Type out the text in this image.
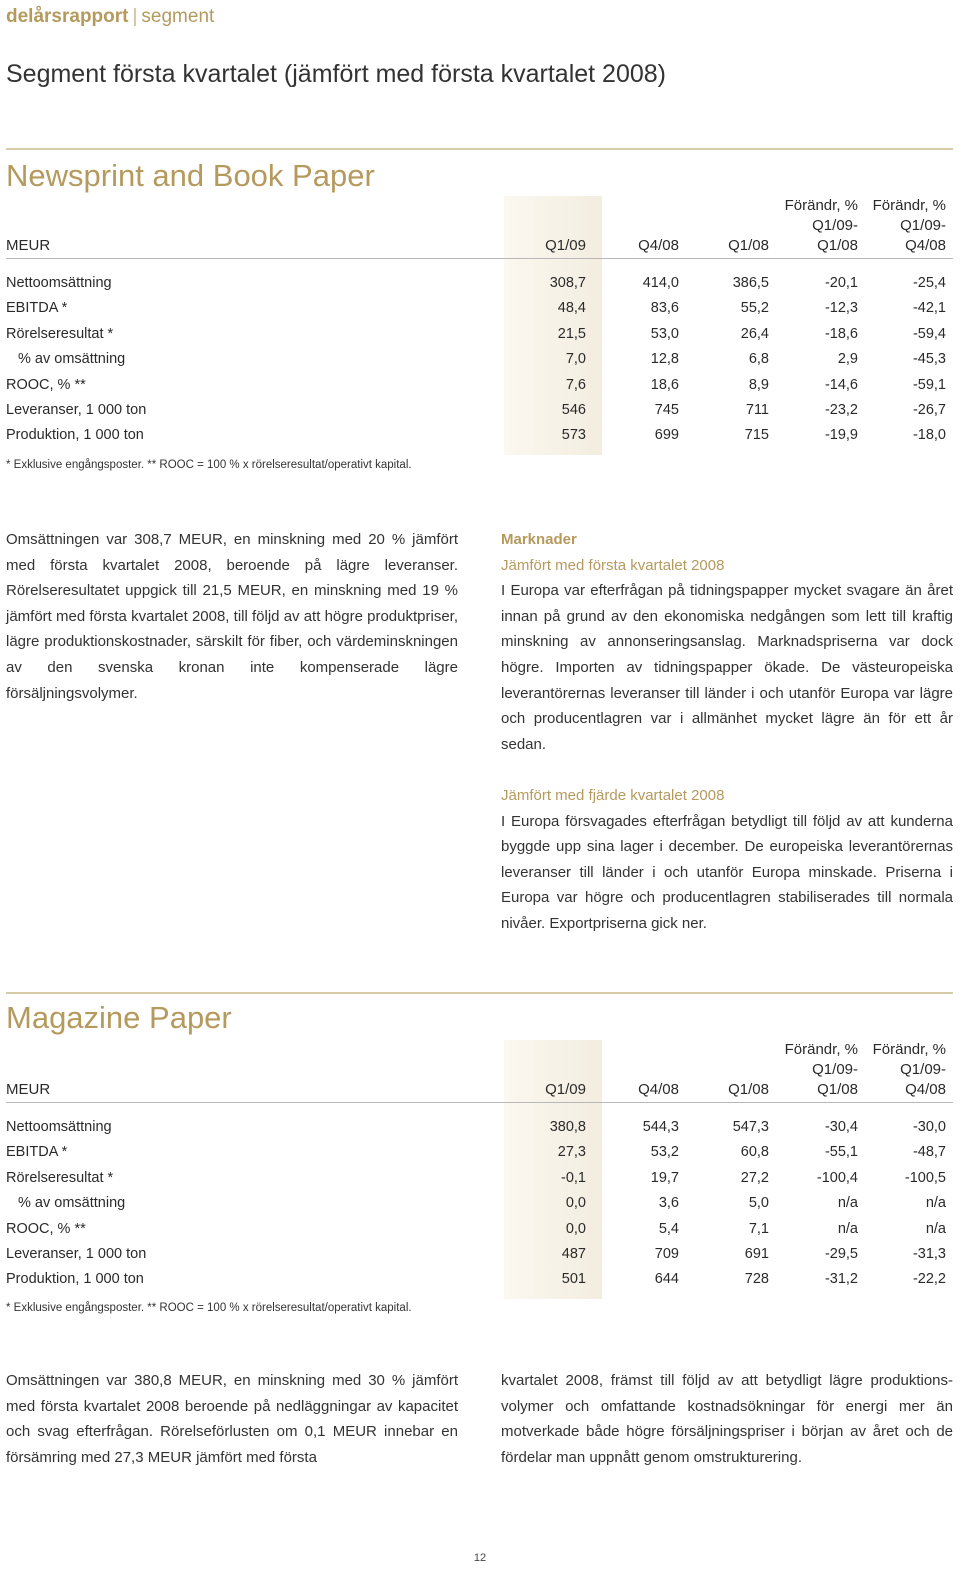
delårsrapport | segment
Segment första kvartalet (jämfört med första kvartalet 2008)
Newsprint and Book Paper
MEUR	Q1/09	Q4/08	Q1/08
Förändr, %
Q1/09-
Q1/08
Förändr, %
Q1/09-
Q4/08
Nettoomsättning	308,7	414,0	386,5	-20,1	-25,4
EBITDA *	48,4	83,6	55,2	-12,3	-42,1
Rörelseresultat *	21,5	53,0	26,4	-18,6	-59,4
% av omsättning	7,0	12,8	6,8	2,9	-45,3
ROOC, % **	7,6	18,6	8,9	-14,6	-59,1
Leveranser, 1 000 ton	546	745	711	-23,2	-26,7
Produktion, 1 000 ton	573	699	715	-19,9	-18,0
* Exklusive engångsposter. ** ROOC = 100 % x rörelseresultat/operativt kapital.
Omsättningen var 308,7 MEUR, en minskning med 20 % jämfört med första kvartalet 2008, beroende på lägre leveranser. Rörelseresultatet uppgick till 21,5 MEUR, en minskning med 19 % jämfört med första kvartalet 2008, till följd av att högre produktpriser, lägre produktionskostnader, särskilt för fiber, och värdeminskningen av den svenska kronan inte kompenserade lägre försäljningsvolymer.
Marknader
Jämfört med första kvartalet 2008
I Europa var efterfrågan på tidningspapper mycket svagare än året innan på grund av den ekonomiska nedgången som lett till kraftig minskning av annonseringsanslag. Marknadspriserna var dock högre. Importen av tidningspapper ökade. De västeuropeiska leverantörernas leveranser till länder i och utanför Europa var lägre och producentlagren var i allmänhet mycket lägre än för ett år sedan.
Jämfört med fjärde kvartalet 2008
I Europa försvagades efterfrågan betydligt till följd av att kunderna byggde upp sina lager i december. De europeiska leverantörernas leveranser till länder i och utanför Europa minskade. Priserna i Europa var högre och producentlagren stabiliserades till normala nivåer. Exportpriserna gick ner.
Magazine Paper
MEUR	Q1/09	Q4/08	Q1/08
Förändr, %
Q1/09-
Q1/08
Förändr, %
Q1/09-
Q4/08
Nettoomsättning	380,8	544,3	547,3	-30,4	-30,0
EBITDA *	27,3	53,2	60,8	-55,1	-48,7
Rörelseresultat *	-0,1	19,7	27,2	-100,4	-100,5
% av omsättning	0,0	3,6	5,0	n/a	n/a
ROOC, % **	0,0	5,4	7,1	n/a	n/a
Leveranser, 1 000 ton	487	709	691	-29,5	-31,3
Produktion, 1 000 ton	501	644	728	-31,2	-22,2
* Exklusive engångsposter. ** ROOC = 100 % x rörelseresultat/operativt kapital.
Omsättningen var 380,8 MEUR, en minskning med 30 % jämfört med första kvartalet 2008 beroende på nedläggningar av kapacitet och svag efterfrågan. Rörelseförlusten om 0,1 MEUR innebar en försämring med 27,3 MEUR jämfört med första
kvartalet 2008, främst till följd av att betydligt lägre produktions-volymer och omfattande kostnadsökningar för energi mer än motverkade både högre försäljningspriser i början av året och de fördelar man uppnått genom omstrukturering.
12
